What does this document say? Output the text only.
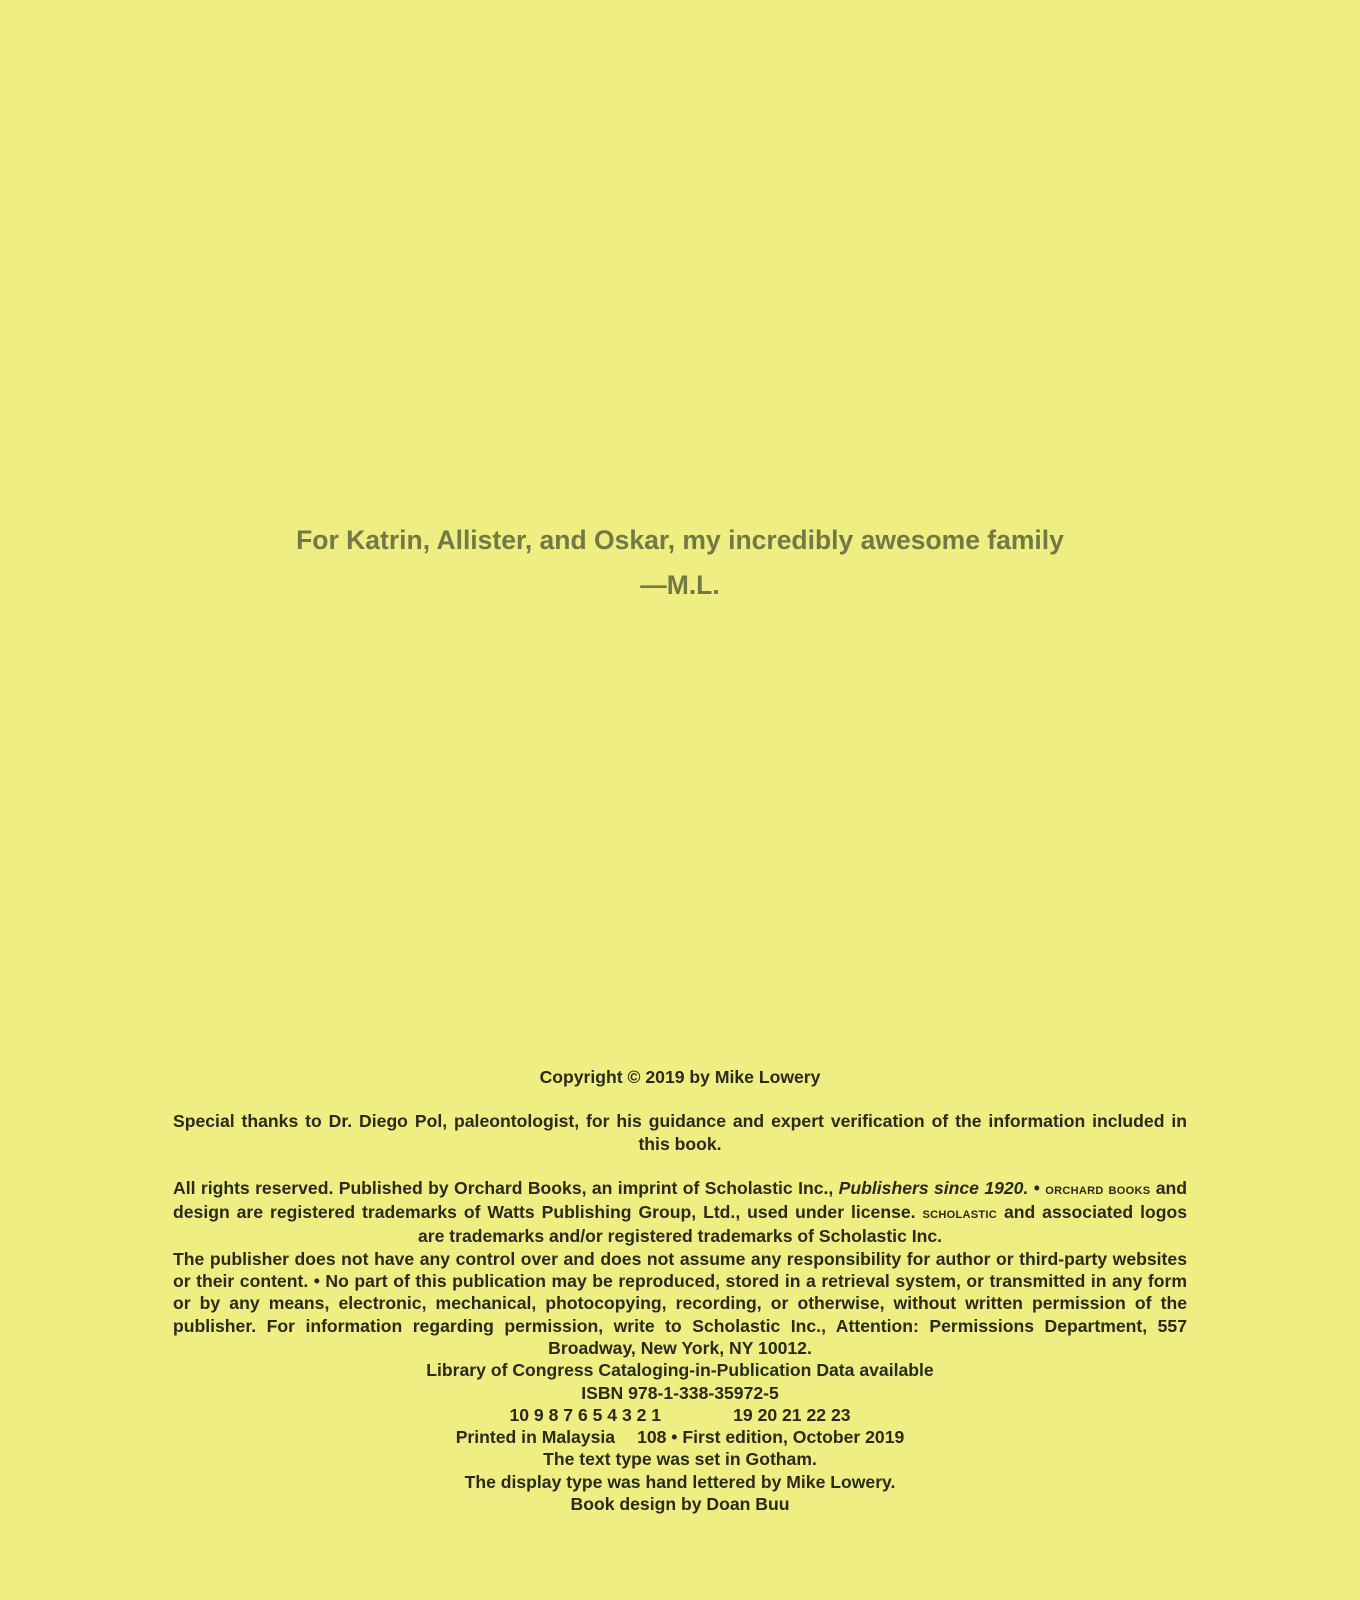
For Katrin, Allister, and Oskar, my incredibly awesome family
—M.L.
Copyright © 2019 by Mike Lowery
Special thanks to Dr. Diego Pol, paleontologist, for his guidance and expert verification of the information included in this book.
All rights reserved. Published by Orchard Books, an imprint of Scholastic Inc., Publishers since 1920. • orchard books and design are registered trademarks of Watts Publishing Group, Ltd., used under license. scholastic and associated logos are trademarks and/or registered trademarks of Scholastic Inc.
The publisher does not have any control over and does not assume any responsibility for author or third-party websites or their content. • No part of this publication may be reproduced, stored in a retrieval system, or transmitted in any form or by any means, electronic, mechanical, photocopying, recording, or otherwise, without written permission of the publisher. For information regarding permission, write to Scholastic Inc., Attention: Permissions Department, 557 Broadway, New York, NY 10012.
Library of Congress Cataloging-in-Publication Data available
ISBN 978-1-338-35972-5
10 9 8 7 6 5 4 3 2 1	19 20 21 22 23
Printed in Malaysia 108 • First edition, October 2019
The text type was set in Gotham.
The display type was hand lettered by Mike Lowery.
Book design by Doan Buu
